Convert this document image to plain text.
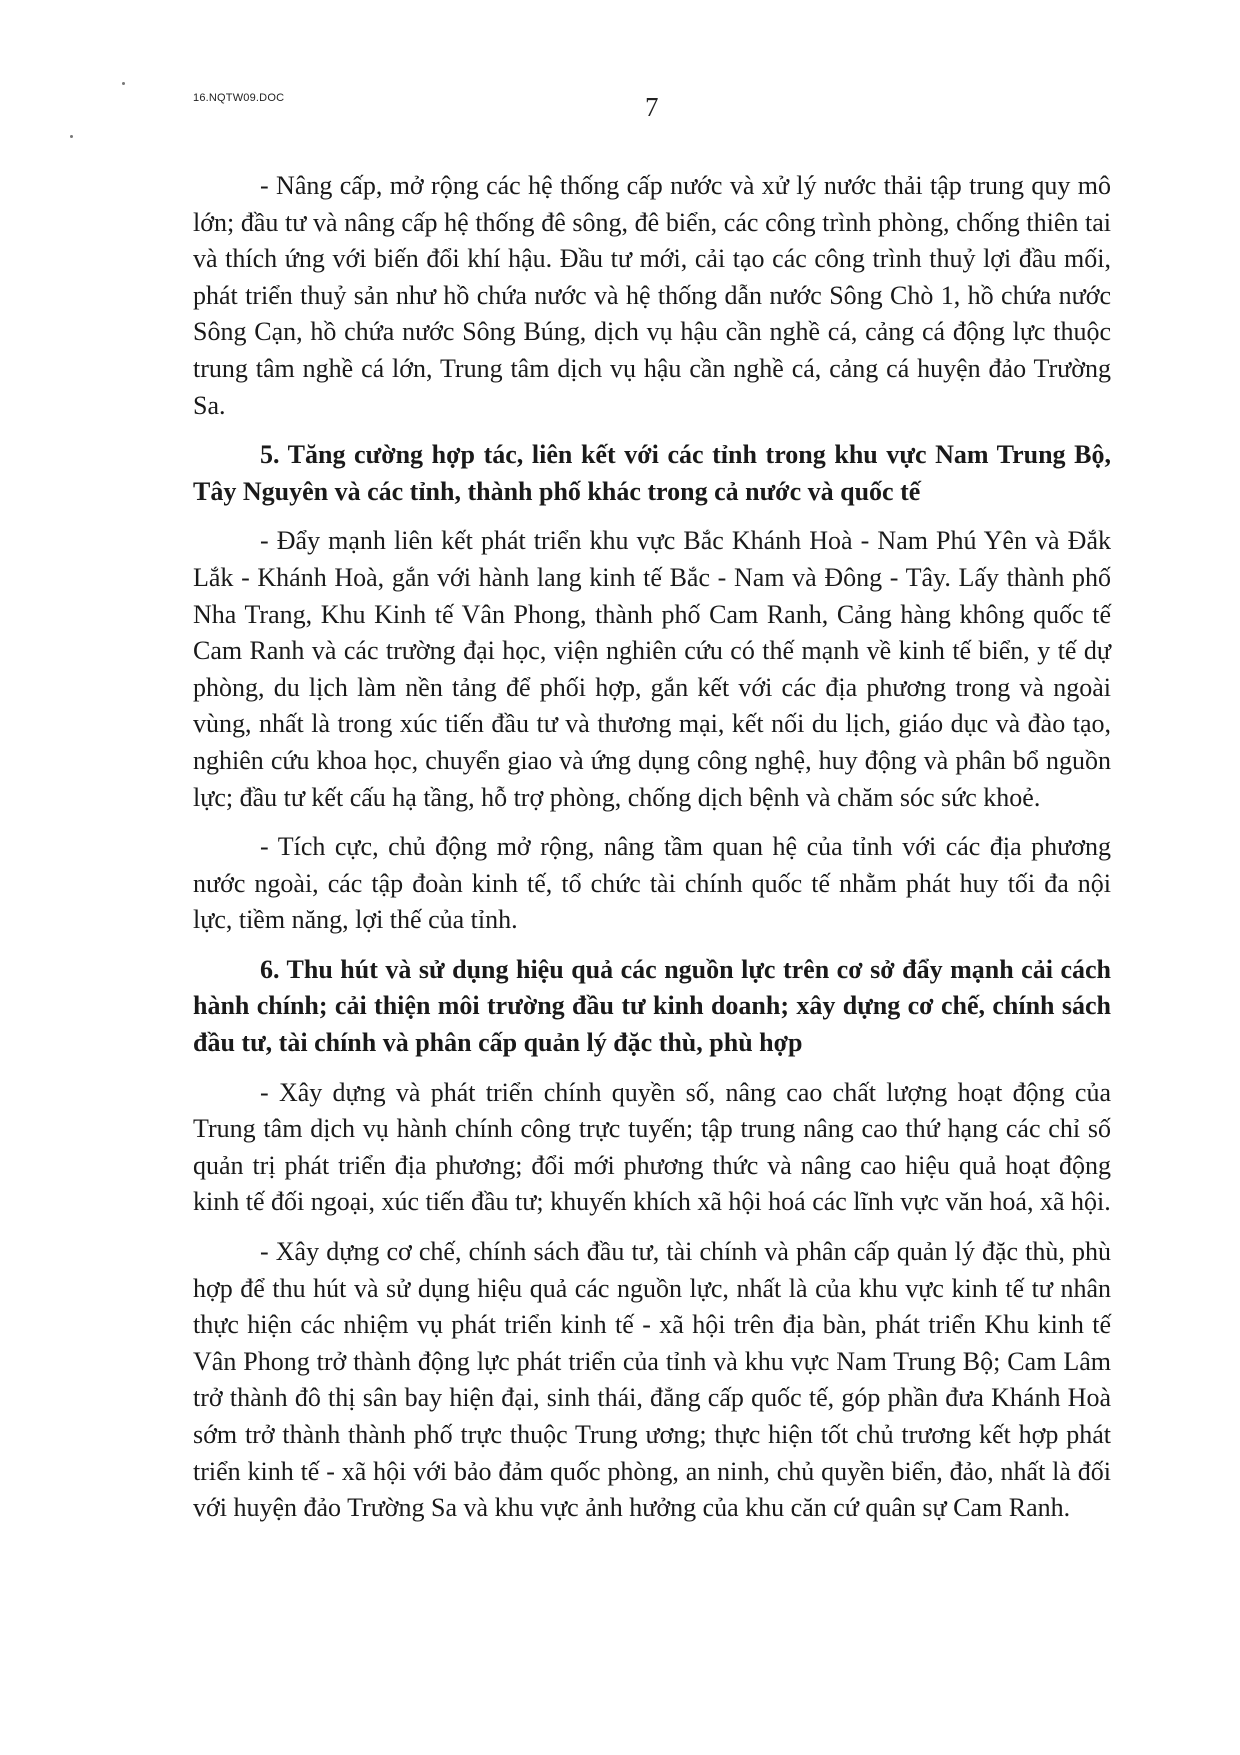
16.NQTW09.DOC	7

- Nâng cấp, mở rộng các hệ thống cấp nước và xử lý nước thải tập trung quy mô lớn; đầu tư và nâng cấp hệ thống đê sông, đê biển, các công trình phòng, chống thiên tai và thích ứng với biến đổi khí hậu. Đầu tư mới, cải tạo các công trình thuỷ lợi đầu mối, phát triển thuỷ sản như hồ chứa nước và hệ thống dẫn nước Sông Chò 1, hồ chứa nước Sông Cạn, hồ chứa nước Sông Búng, dịch vụ hậu cần nghề cá, cảng cá động lực thuộc trung tâm nghề cá lớn, Trung tâm dịch vụ hậu cần nghề cá, cảng cá huyện đảo Trường Sa.

5. Tăng cường hợp tác, liên kết với các tỉnh trong khu vực Nam Trung Bộ, Tây Nguyên và các tỉnh, thành phố khác trong cả nước và quốc tế

- Đẩy mạnh liên kết phát triển khu vực Bắc Khánh Hoà - Nam Phú Yên và Đắk Lắk - Khánh Hoà, gắn với hành lang kinh tế Bắc - Nam và Đông - Tây. Lấy thành phố Nha Trang, Khu Kinh tế Vân Phong, thành phố Cam Ranh, Cảng hàng không quốc tế Cam Ranh và các trường đại học, viện nghiên cứu có thế mạnh về kinh tế biển, y tế dự phòng, du lịch làm nền tảng để phối hợp, gắn kết với các địa phương trong và ngoài vùng, nhất là trong xúc tiến đầu tư và thương mại, kết nối du lịch, giáo dục và đào tạo, nghiên cứu khoa học, chuyển giao và ứng dụng công nghệ, huy động và phân bổ nguồn lực; đầu tư kết cấu hạ tầng, hỗ trợ phòng, chống dịch bệnh và chăm sóc sức khoẻ.

- Tích cực, chủ động mở rộng, nâng tầm quan hệ của tỉnh với các địa phương nước ngoài, các tập đoàn kinh tế, tổ chức tài chính quốc tế nhằm phát huy tối đa nội lực, tiềm năng, lợi thế của tỉnh.

6. Thu hút và sử dụng hiệu quả các nguồn lực trên cơ sở đẩy mạnh cải cách hành chính; cải thiện môi trường đầu tư kinh doanh; xây dựng cơ chế, chính sách đầu tư, tài chính và phân cấp quản lý đặc thù, phù hợp

- Xây dựng và phát triển chính quyền số, nâng cao chất lượng hoạt động của Trung tâm dịch vụ hành chính công trực tuyến; tập trung nâng cao thứ hạng các chỉ số quản trị phát triển địa phương; đổi mới phương thức và nâng cao hiệu quả hoạt động kinh tế đối ngoại, xúc tiến đầu tư; khuyến khích xã hội hoá các lĩnh vực văn hoá, xã hội.

- Xây dựng cơ chế, chính sách đầu tư, tài chính và phân cấp quản lý đặc thù, phù hợp để thu hút và sử dụng hiệu quả các nguồn lực, nhất là của khu vực kinh tế tư nhân thực hiện các nhiệm vụ phát triển kinh tế - xã hội trên địa bàn, phát triển Khu kinh tế Vân Phong trở thành động lực phát triển của tỉnh và khu vực Nam Trung Bộ; Cam Lâm trở thành đô thị sân bay hiện đại, sinh thái, đẳng cấp quốc tế, góp phần đưa Khánh Hoà sớm trở thành thành phố trực thuộc Trung ương; thực hiện tốt chủ trương kết hợp phát triển kinh tế - xã hội với bảo đảm quốc phòng, an ninh, chủ quyền biển, đảo, nhất là đối với huyện đảo Trường Sa và khu vực ảnh hưởng của khu căn cứ quân sự Cam Ranh.
